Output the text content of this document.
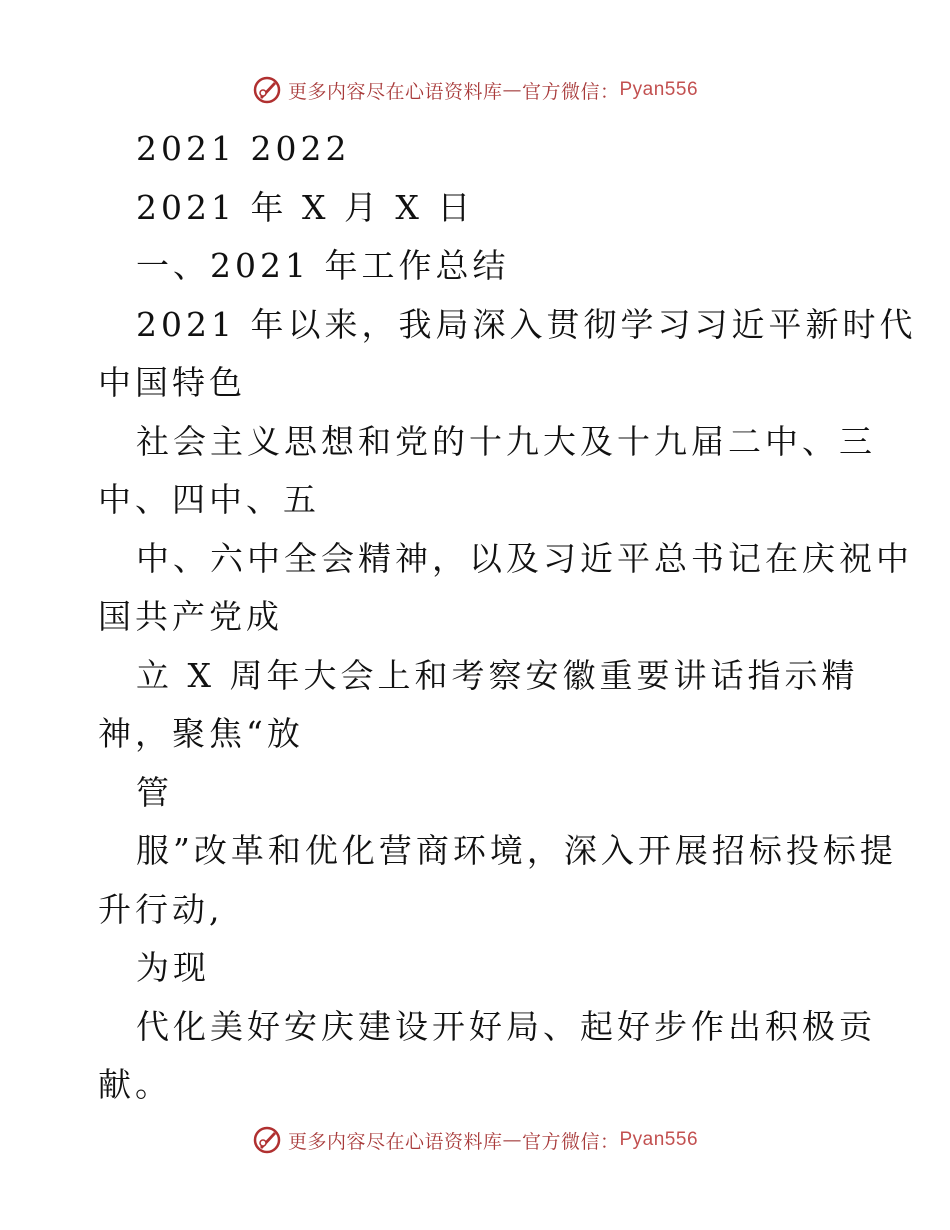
更多内容尽在心语资料库 — 官方微信： Pyan556
2021 2022
2021 年 X 月 X 日
一、2021 年工作总结
2021 年以来，我局深入贯彻学习习近平新时代
中国特色
社会主义思想和党的十九大及十九届二中、三
中、四中、五
中、六中全会精神，以及习近平总书记在庆祝中
国共产党成
立 X 周年大会上和考察安徽重要讲话指示精
神，聚焦“放
管
服”改革和优化营商环境，深入开展招标投标提
升行动,
为现
代化美好安庆建设开好局、起好步作出积极贡
献。
更多内容尽在心语资料库 — 官方微信： Pyan556
